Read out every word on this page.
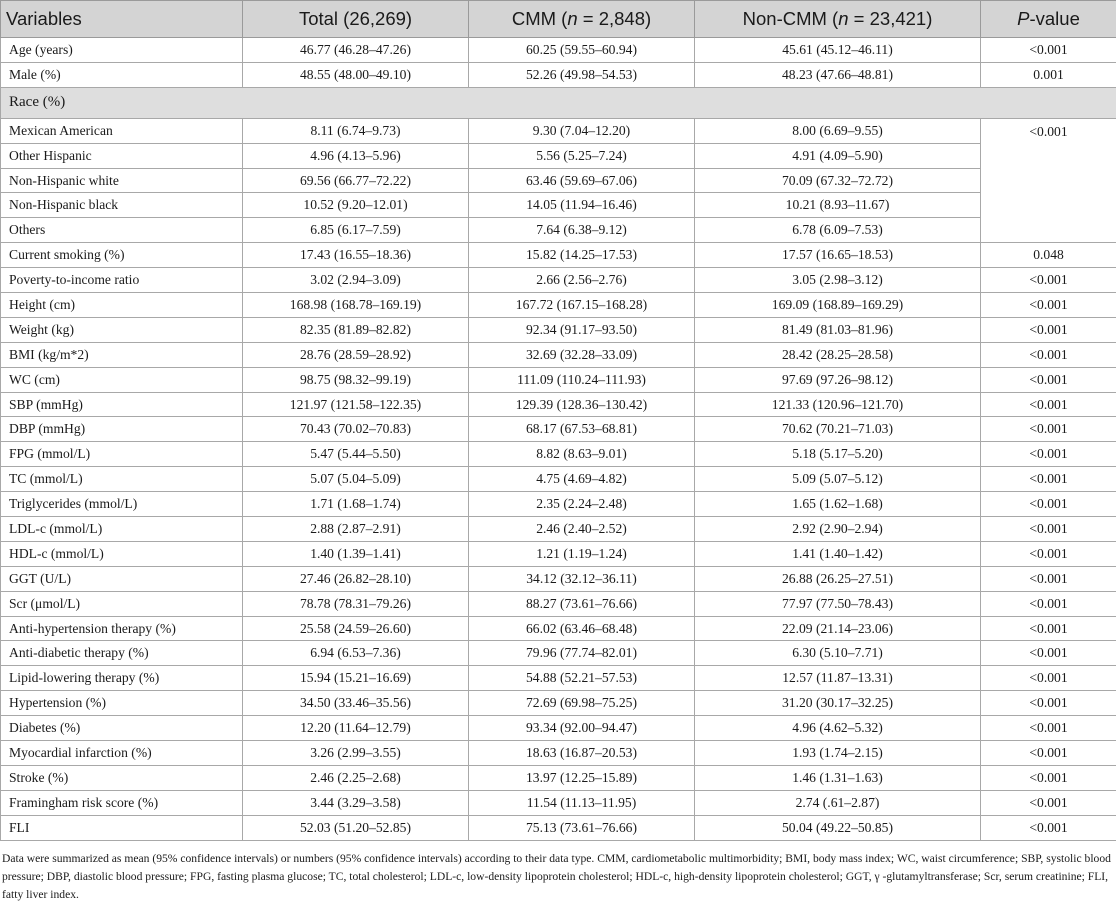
Variables	Total (26,269)	CMM (n = 2,848)	Non-CMM (n = 23,421)	P-value
Age (years)	46.77 (46.28–47.26)	60.25 (59.55–60.94)	45.61 (45.12–46.11)	<0.001
Male (%)	48.55 (48.00–49.10)	52.26 (49.98–54.53)	48.23 (47.66–48.81)	0.001
Race (%)				
Mexican American	8.11 (6.74–9.73)	9.30 (7.04–12.20)	8.00 (6.69–9.55)	<0.001
Other Hispanic	4.96 (4.13–5.96)	5.56 (5.25–7.24)	4.91 (4.09–5.90)	
Non-Hispanic white	69.56 (66.77–72.22)	63.46 (59.69–67.06)	70.09 (67.32–72.72)	
Non-Hispanic black	10.52 (9.20–12.01)	14.05 (11.94–16.46)	10.21 (8.93–11.67)	
Others	6.85 (6.17–7.59)	7.64 (6.38–9.12)	6.78 (6.09–7.53)	
Current smoking (%)	17.43 (16.55–18.36)	15.82 (14.25–17.53)	17.57 (16.65–18.53)	0.048
Poverty-to-income ratio	3.02 (2.94–3.09)	2.66 (2.56–2.76)	3.05 (2.98–3.12)	<0.001
Height (cm)	168.98 (168.78–169.19)	167.72 (167.15–168.28)	169.09 (168.89–169.29)	<0.001
Weight (kg)	82.35 (81.89–82.82)	92.34 (91.17–93.50)	81.49 (81.03–81.96)	<0.001
BMI (kg/m*2)	28.76 (28.59–28.92)	32.69 (32.28–33.09)	28.42 (28.25–28.58)	<0.001
WC (cm)	98.75 (98.32–99.19)	111.09 (110.24–111.93)	97.69 (97.26–98.12)	<0.001
SBP (mmHg)	121.97 (121.58–122.35)	129.39 (128.36–130.42)	121.33 (120.96–121.70)	<0.001
DBP (mmHg)	70.43 (70.02–70.83)	68.17 (67.53–68.81)	70.62 (70.21–71.03)	<0.001
FPG (mmol/L)	5.47 (5.44–5.50)	8.82 (8.63–9.01)	5.18 (5.17–5.20)	<0.001
TC (mmol/L)	5.07 (5.04–5.09)	4.75 (4.69–4.82)	5.09 (5.07–5.12)	<0.001
Triglycerides (mmol/L)	1.71 (1.68–1.74)	2.35 (2.24–2.48)	1.65 (1.62–1.68)	<0.001
LDL-c (mmol/L)	2.88 (2.87–2.91)	2.46 (2.40–2.52)	2.92 (2.90–2.94)	<0.001
HDL-c (mmol/L)	1.40 (1.39–1.41)	1.21 (1.19–1.24)	1.41 (1.40–1.42)	<0.001
GGT (U/L)	27.46 (26.82–28.10)	34.12 (32.12–36.11)	26.88 (26.25–27.51)	<0.001
Scr (μmol/L)	78.78 (78.31–79.26)	88.27 (73.61–76.66)	77.97 (77.50–78.43)	<0.001
Anti-hypertension therapy (%)	25.58 (24.59–26.60)	66.02 (63.46–68.48)	22.09 (21.14–23.06)	<0.001
Anti-diabetic therapy (%)	6.94 (6.53–7.36)	79.96 (77.74–82.01)	6.30 (5.10–7.71)	<0.001
Lipid-lowering therapy (%)	15.94 (15.21–16.69)	54.88 (52.21–57.53)	12.57 (11.87–13.31)	<0.001
Hypertension (%)	34.50 (33.46–35.56)	72.69 (69.98–75.25)	31.20 (30.17–32.25)	<0.001
Diabetes (%)	12.20 (11.64–12.79)	93.34 (92.00–94.47)	4.96 (4.62–5.32)	<0.001
Myocardial infarction (%)	3.26 (2.99–3.55)	18.63 (16.87–20.53)	1.93 (1.74–2.15)	<0.001
Stroke (%)	2.46 (2.25–2.68)	13.97 (12.25–15.89)	1.46 (1.31–1.63)	<0.001
Framingham risk score (%)	3.44 (3.29–3.58)	11.54 (11.13–11.95)	2.74 (.61–2.87)	<0.001
FLI	52.03 (51.20–52.85)	75.13 (73.61–76.66)	50.04 (49.22–50.85)	<0.001
Data were summarized as mean (95% confidence intervals) or numbers (95% confidence intervals) according to their data type. CMM, cardiometabolic multimorbidity; BMI, body mass index; WC, waist circumference; SBP, systolic blood pressure; DBP, diastolic blood pressure; FPG, fasting plasma glucose; TC, total cholesterol; LDL-c, low-density lipoprotein cholesterol; HDL-c, high-density lipoprotein cholesterol; GGT, γ -glutamyltransferase; Scr, serum creatinine; FLI, fatty liver index.
